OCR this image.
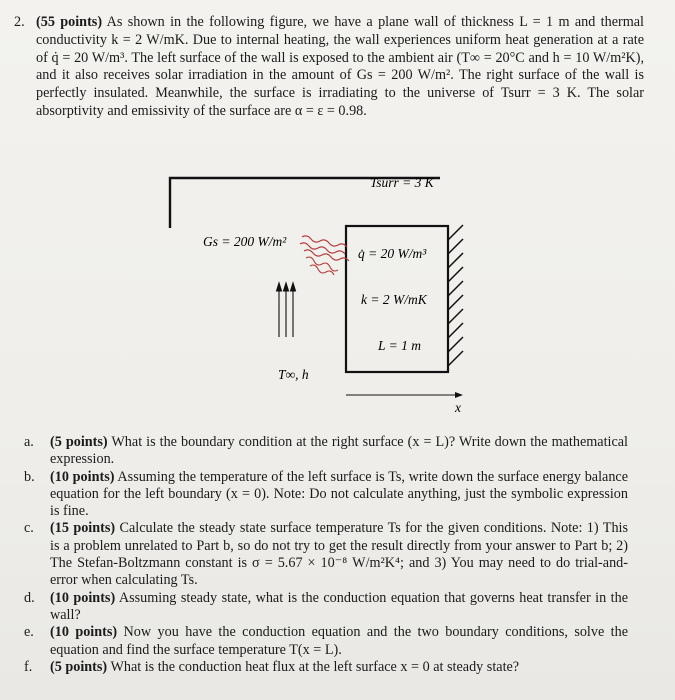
2. (55 points) As shown in the following figure, we have a plane wall of thickness L = 1 m and thermal conductivity k = 2 W/mK. Due to internal heating, the wall experiences uniform heat generation at a rate of q̇ = 20 W/m³. The left surface of the wall is exposed to the ambient air (T∞ = 20°C and h = 10 W/m²K), and it also receives solar irradiation in the amount of Gs = 200 W/m². The right surface of the wall is perfectly insulated. Meanwhile, the surface is irradiating to the universe of Tsurr = 3 K. The solar absorptivity and emissivity of the surface are α = ε = 0.98.

Tsurr = 3 K
Gs = 200 W/m²
q̇ = 20 W/m³
k = 2 W/mK
L = 1 m
T∞, h
x
a. (5 points) What is the boundary condition at the right surface (x = L)? Write down the mathematical expression.

b. (10 points) Assuming the temperature of the left surface is Ts, write down the surface energy balance equation for the left boundary (x = 0). Note: Do not calculate anything, just the symbolic expression is fine.

c. (15 points) Calculate the steady state surface temperature Ts for the given conditions. Note: 1) This is a problem unrelated to Part b, so do not try to get the result directly from your answer to Part b; 2) The Stefan-Boltzmann constant is σ = 5.67 × 10⁻⁸ W/m²K⁴; and 3) You may need to do trial-and-error when calculating Ts.

d. (10 points) Assuming steady state, what is the conduction equation that governs heat transfer in the wall?

e. (10 points) Now you have the conduction equation and the two boundary conditions, solve the equation and find the surface temperature T(x = L).

f. (5 points) What is the conduction heat flux at the left surface x = 0 at steady state?
